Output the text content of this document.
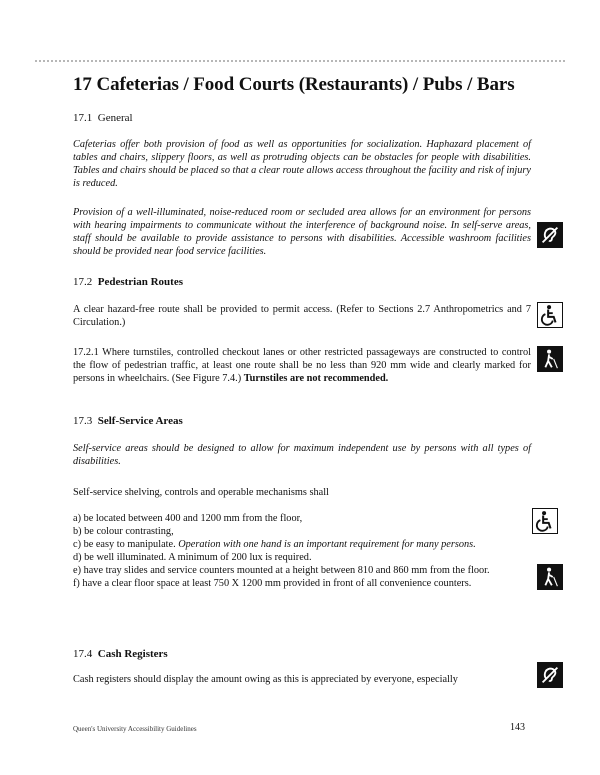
17 Cafeterias / Food Courts (Restaurants) / Pubs / Bars
17.1 General

Cafeterias offer both provision of food as well as opportunities for socialization. Haphazard placement of tables and chairs, slippery floors, as well as protruding objects can be obstacles for people with disabilities. Tables and chairs should be placed so that a clear route allows access throughout the facility and risk of injury is reduced.

Provision of a well-illuminated, noise-reduced room or secluded area allows for an environment for persons with hearing impairments to communicate without the interference of background noise. In self-serve areas, staff should be available to provide assistance to persons with disabilities. Accessible washroom facilities should be provided near food service facilities.

17.2 Pedestrian Routes

A clear hazard-free route shall be provided to permit access. (Refer to Sections 2.7 Anthropometrics and 7 Circulation.)

17.2.1 Where turnstiles, controlled checkout lanes or other restricted passageways are constructed to control the flow of pedestrian traffic, at least one route shall be no less than 920 mm wide and clearly marked for persons in wheelchairs. (See Figure 7.4.) Turnstiles are not recommended.

17.3 Self-Service Areas

Self-service areas should be designed to allow for maximum independent use by persons with all types of disabilities.

Self-service shelving, controls and operable mechanisms shall

a) be located between 400 and 1200 mm from the floor,
b) be colour contrasting,
c) be easy to manipulate. Operation with one hand is an important requirement for many persons.
d) be well illuminated. A minimum of 200 lux is required.
e) have tray slides and service counters mounted at a height between 810 and 860 mm from the floor.
f) have a clear floor space at least 750 X 1200 mm provided in front of all convenience counters.
17.4 Cash Registers

Cash registers should display the amount owing as this is appreciated by everyone, especially

Queen's University Accessibility Guidelines	143
